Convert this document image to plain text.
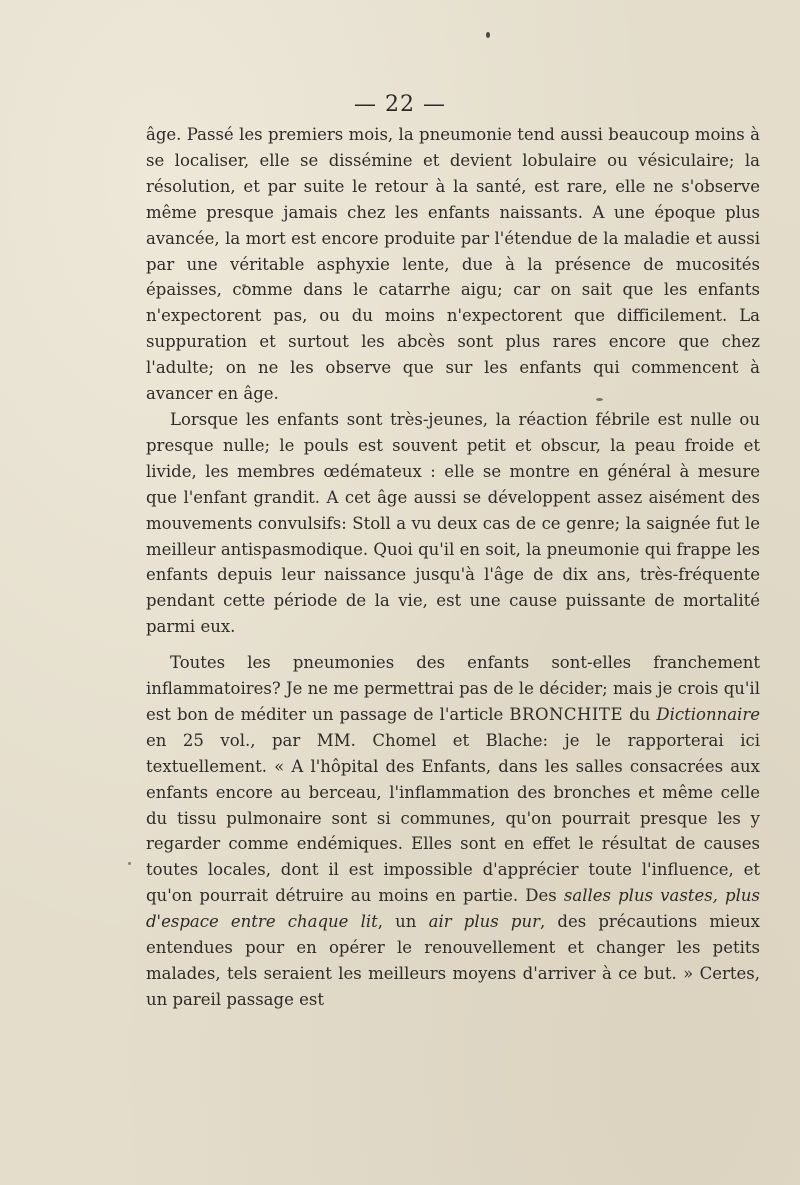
— 22 —

âge. Passé les premiers mois, la pneumonie tend aussi beaucoup moins à se localiser, elle se dissémine et devient lobulaire ou vésiculaire; la résolution, et par suite le retour à la santé, est rare, elle ne s'observe même presque jamais chez les enfants naissants. A une époque plus avancée, la mort est encore produite par l'étendue de la maladie et aussi par une véritable asphyxie lente, due à la présence de mucosités épaisses, comme dans le catarrhe aigu; car on sait que les enfants n'expectorent pas, ou du moins n'expectorent que difficilement. La suppuration et surtout les abcès sont plus rares encore que chez l'adulte; on ne les observe que sur les enfants qui commencent à avancer en âge.

Lorsque les enfants sont très-jeunes, la réaction fébrile est nulle ou presque nulle; le pouls est souvent petit et obscur, la peau froide et livide, les membres œdémateux : elle se montre en général à mesure que l'enfant grandit. A cet âge aussi se développent assez aisément des mouvements convulsifs: Stoll a vu deux cas de ce genre; la saignée fut le meilleur antispasmodique. Quoi qu'il en soit, la pneumonie qui frappe les enfants depuis leur naissance jusqu'à l'âge de dix ans, très-fréquente pendant cette période de la vie, est une cause puissante de mortalité parmi eux.

Toutes les pneumonies des enfants sont-elles franchement inflammatoires? Je ne me permettrai pas de le décider; mais je crois qu'il est bon de méditer un passage de l'article BRONCHITE du Dictionnaire en 25 vol., par MM. Chomel et Blache: je le rapporterai ici textuellement. « A l'hôpital des Enfants, dans les salles consacrées aux enfants encore au berceau, l'inflammation des bronches et même celle du tissu pulmonaire sont si communes, qu'on pourrait presque les y regarder comme endémiques. Elles sont en effet le résultat de causes toutes locales, dont il est impossible d'apprécier toute l'influence, et qu'on pourrait détruire au moins en partie. Des salles plus vastes, plus d'espace entre chaque lit, un air plus pur, des précautions mieux entendues pour en opérer le renouvellement et changer les petits malades, tels seraient les meilleurs moyens d'arriver à ce but. » Certes, un pareil passage est
